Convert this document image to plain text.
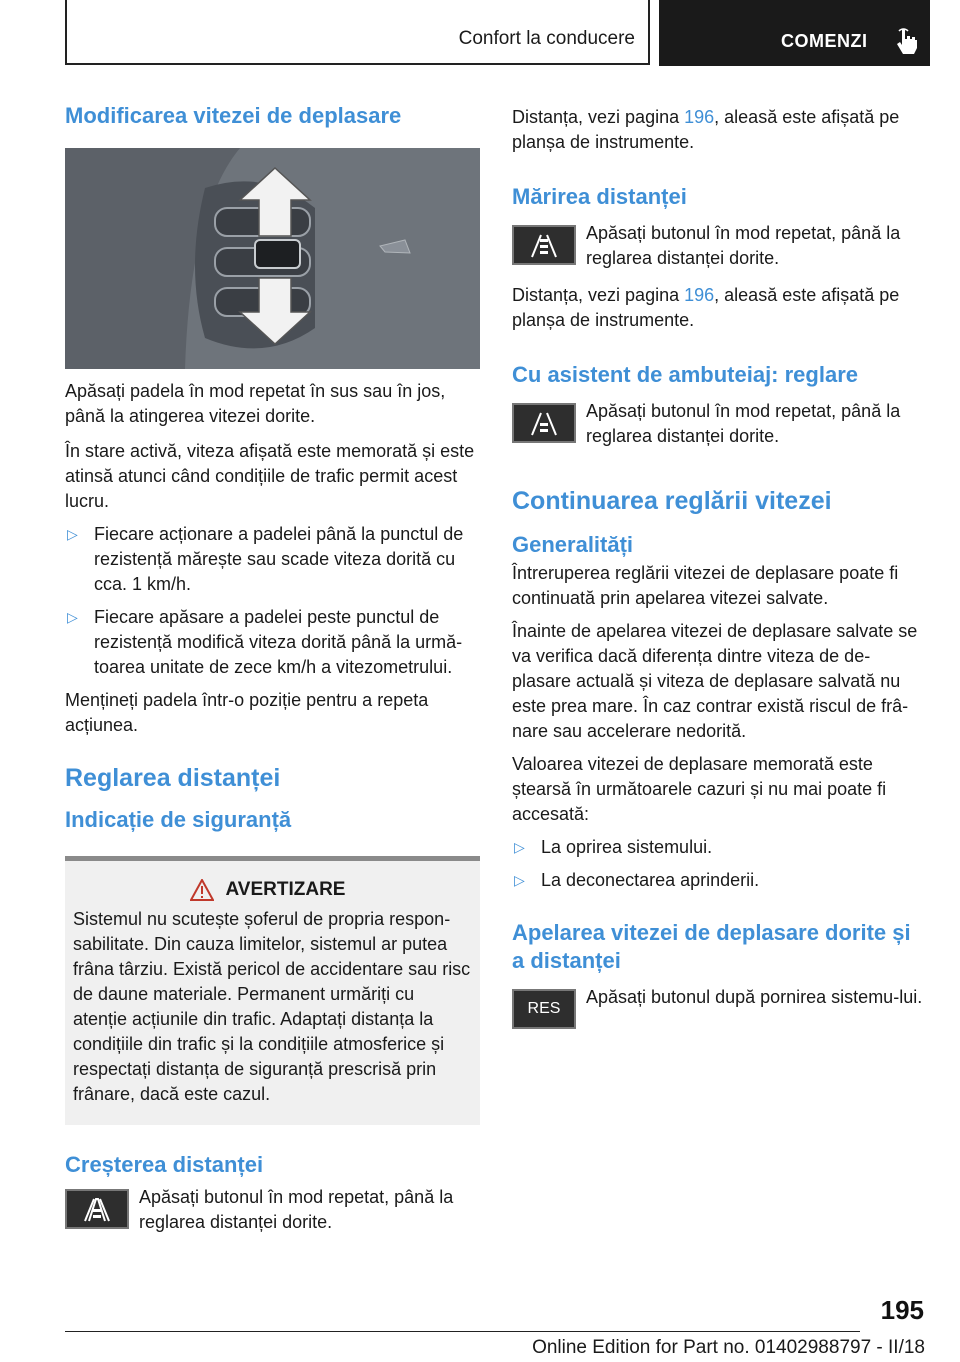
Confort la conducere	COMENZI
Modificarea vitezei de deplasare

Apăsați padela în mod repetat în sus sau în jos, până la atingerea vitezei dorite.

În stare activă, viteza afișată este memorată și este atinsă atunci când condițiile de trafic permit acest lucru.

▷ Fiecare acționare a padelei până la punctul de rezistență mărește sau scade viteza dorită cu cca. 1 km/h.
▷ Fiecare apăsare a padelei peste punctul de rezistență modifică viteza dorită până la urmă-toarea unitate de zece km/h a vitezometrului.

Mențineți padela într-o poziție pentru a repeta acțiunea.

Reglarea distanței
Indicație de siguranță
AVERTIZARE

Sistemul nu scutește șoferul de propria respon-sabilitate. Din cauza limitelor, sistemul ar putea frâna târziu. Există pericol de accidentare sau risc de daune materiale. Permanent urmăriți cu atenție acțiunile din trafic. Adaptați distanța la condițiile din trafic și la condițiile atmosferice și respectați distanța de siguranță prescrisă prin frânare, dacă este cazul.

Creșterea distanței

Apăsați butonul în mod repetat, până la reglarea distanței dorite.

Distanța, vezi pagina 196, aleasă este afișată pe planșa de instrumente.

Mărirea distanței

Apăsați butonul în mod repetat, până la reglarea distanței dorite.

Distanța, vezi pagina 196, aleasă este afișată pe planșa de instrumente.

Cu asistent de ambuteiaj: reglare

Apăsați butonul în mod repetat, până la reglarea distanței dorite.

Continuarea reglării vitezei
Generalități

Întreruperea reglării vitezei de deplasare poate fi continuată prin apelarea vitezei salvate.

Înainte de apelarea vitezei de deplasare salvate se va verifica dacă diferența dintre viteza de de-plasare actuală și viteza de deplasare salvată nu este prea mare. În caz contrar există riscul de frâ-nare sau accelerare nedorită.

Valoarea vitezei de deplasare memorată este ștearsă în următoarele cazuri și nu mai poate fi accesată:

▷ La oprirea sistemului.
▷ La deconectarea aprinderii.
Apelarea vitezei de deplasare dorite și a distanței
RES

Apăsați butonul după pornirea sistemu-lui.

195
Online Edition for Part no. 01402988797 - II/18
